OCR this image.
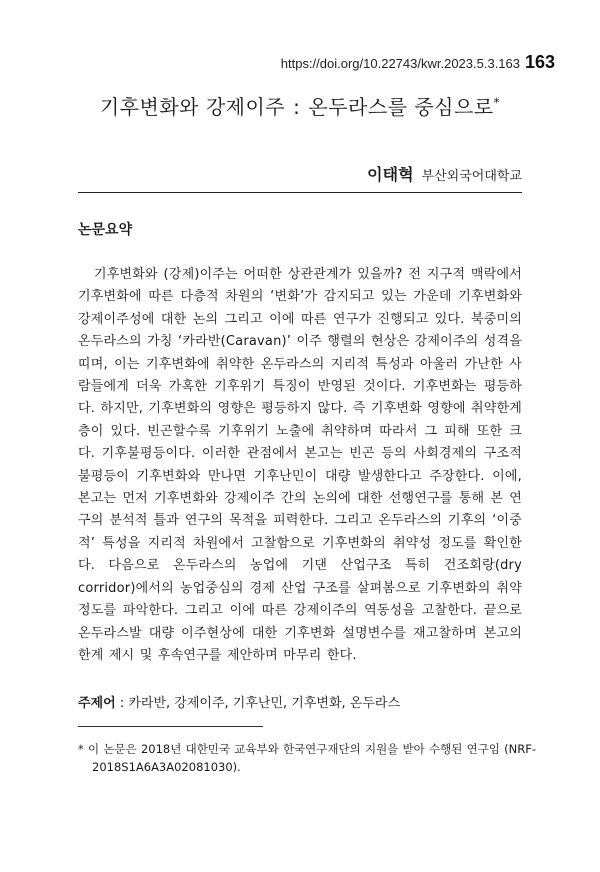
https://doi.org/10.22743/kwr.2023.5.3.163 163
기후변화와 강제이주 : 온두라스를 중심으로*
이태혁 부산외국어대학교
논문요약
기후변화와 (강제)이주는 어떠한 상관관계가 있을까? 전 지구적 맥락에서 기후변화에 따른 다층적 차원의 ‘변화’가 감지되고 있는 가운데 기후변화와 강제이주성에 대한 논의 그리고 이에 따른 연구가 진행되고 있다. 북중미의 온두라스의 가칭 ‘카라반(Caravan)’ 이주 행렬의 현상은 강제이주의 성격을 띠며, 이는 기후변화에 취약한 온두라스의 지리적 특성과 아울러 가난한 사람들에게 더욱 가혹한 기후위기 특징이 반영된 것이다. 기후변화는 평등하다. 하지만, 기후변화의 영향은 평등하지 않다. 즉 기후변화 영향에 취약한계층이 있다. 빈곤할수록 기후위기 노출에 취약하며 따라서 그 피해 또한 크다. 기후불평등이다. 이러한 관점에서 본고는 빈곤 등의 사회경제의 구조적 불평등이 기후변화와 만나면 기후난민이 대량 발생한다고 주장한다. 이에, 본고는 먼저 기후변화와 강제이주 간의 논의에 대한 선행연구를 통해 본 연구의 분석적 틀과 연구의 목적을 피력한다. 그리고 온두라스의 기후의 ‘이중적’ 특성을 지리적 차원에서 고찰함으로 기후변화의 취약성 정도를 확인한다. 다음으로 온두라스의 농업에 기댄 산업구조 특히 건조회랑(dry corridor)에서의 농업중심의 경제 산업 구조를 살펴봄으로 기후변화의 취약정도를 파악한다. 그리고 이에 따른 강제이주의 역동성을 고찰한다. 끝으로 온두라스발 대량 이주현상에 대한 기후변화 설명변수를 재고찰하며 본고의 한계 제시 및 후속연구를 제안하며 마무리 한다.
주제어 : 카라반, 강제이주, 기후난민, 기후변화, 온두라스
* 이 논문은 2018년 대한민국 교육부와 한국연구재단의 지원을 받아 수행된 연구임 (NRF-2018S1A6A3A02081030).
